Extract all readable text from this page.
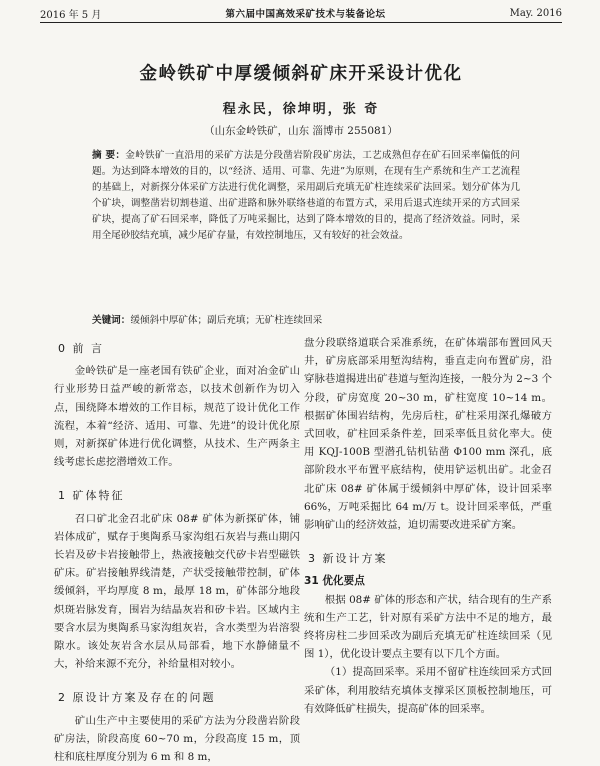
2016 年 5 月	第六届中国高效采矿技术与装备论坛	May. 2016
金岭铁矿中厚缓倾斜矿床开采设计优化
程永民，徐坤明，张 奇
（山东金岭铁矿，山东 淄博市 255081）
摘 要：金岭铁矿一直沿用的采矿方法是分段凿岩阶段矿房法，工艺成熟但存在矿石回采率偏低的问题。为达到降本增效的目的，以“经济、适用、可靠、先进”为原则，在现有生产系统和生产工艺流程的基础上，对新探分体采矿方法进行优化调整，采用副后充填无矿柱连续采矿法回采。划分矿体为几个矿块，调整凿岩切割巷道、出矿进路和脉外联络巷道的布置方式，采用后退式连续开采的方式回采矿块，提高了矿石回采率，降低了万吨采掘比，达到了降本增效的目的，提高了经济效益。同时，采用全尾砂胶结充填，减少尾矿存量，有效控制地压，又有较好的社会效益。
关键词：缓倾斜中厚矿体；副后充填；无矿柱连续回采
0 前 言

金岭铁矿是一座老国有铁矿企业，面对冶金矿山行业形势日益严峻的新常态，以技术创新作为切入点，围绕降本增效的工作目标，规范了设计优化工作流程，本着“经济、适用、可靠、先进”的设计优化原则，对新探矿体进行优化调整，从技术、生产两条主线考虑长虑挖潜增效工作。

1 矿体特征

召口矿北金召北矿床 08# 矿体为新探矿体，铺岩体成矿，赋存于奥陶系马家沟组石灰岩与燕山期闪长岩及矽卡岩接触带上，热液接触交代矽卡岩型磁铁矿床。矿岩接触界线清楚，产状受接触带控制，矿体缓倾斜，平均厚度 8 m，最厚 18 m，矿体部分地段炽斑岩脉发育，围岩为结晶灰岩和矽卡岩。区域内主要含水层为奥陶系马家沟组灰岩，含水类型为岩溶裂隙水。该处灰岩含水层从局部看，地下水静储量不大，补给来源不充分，补给量相对较小。

2 原设计方案及存在的问题

矿山生产中主要使用的采矿方法为分段凿岩阶段矿房法，阶段高度 60~70 m，分段高度 15 m，顶柱和底柱厚度分别为 6 m 和 8 m，

盘分段联络道联合采准系统，在矿体端部布置回风天井，矿房底部采用堑沟结构，垂直走向布置矿房，沿穿脉巷道揭进出矿巷道与堑沟连接，一般分为 2~3 个分段，矿房宽度 20~30 m，矿柱宽度 10~14 m。根据矿体围岩结构，先房后柱，矿柱采用深孔爆破方式回收，矿柱回采条件差，回采率低且贫化率大。使用 KQJ-100B 型潜孔钻机钻凿 Φ100 mm 深孔，底部阶段水平布置平底结构，使用铲运机出矿。北金召北矿床 08# 矿体属于缓倾斜中厚矿体，设计回采率 66%，万吨采掘比 64 m/万 t。设计回采率低，严重影响矿山的经济效益，迫切需要改进采矿方案。

3 新设计方案
31 优化要点

根据 08# 矿体的形态和产状，结合现有的生产系统和生产工艺，针对原有采矿方法中不足的地方，最终将房柱二步回采改为副后充填无矿柱连续回采（见图 1），优化设计要点主要有以下几个方面。

（1）提高回采率。采用不留矿柱连续回采方式回采矿体，利用胶结充填体支撑采区顶板控制地压，可有效降低矿柱损失，提高矿体的回采率。
